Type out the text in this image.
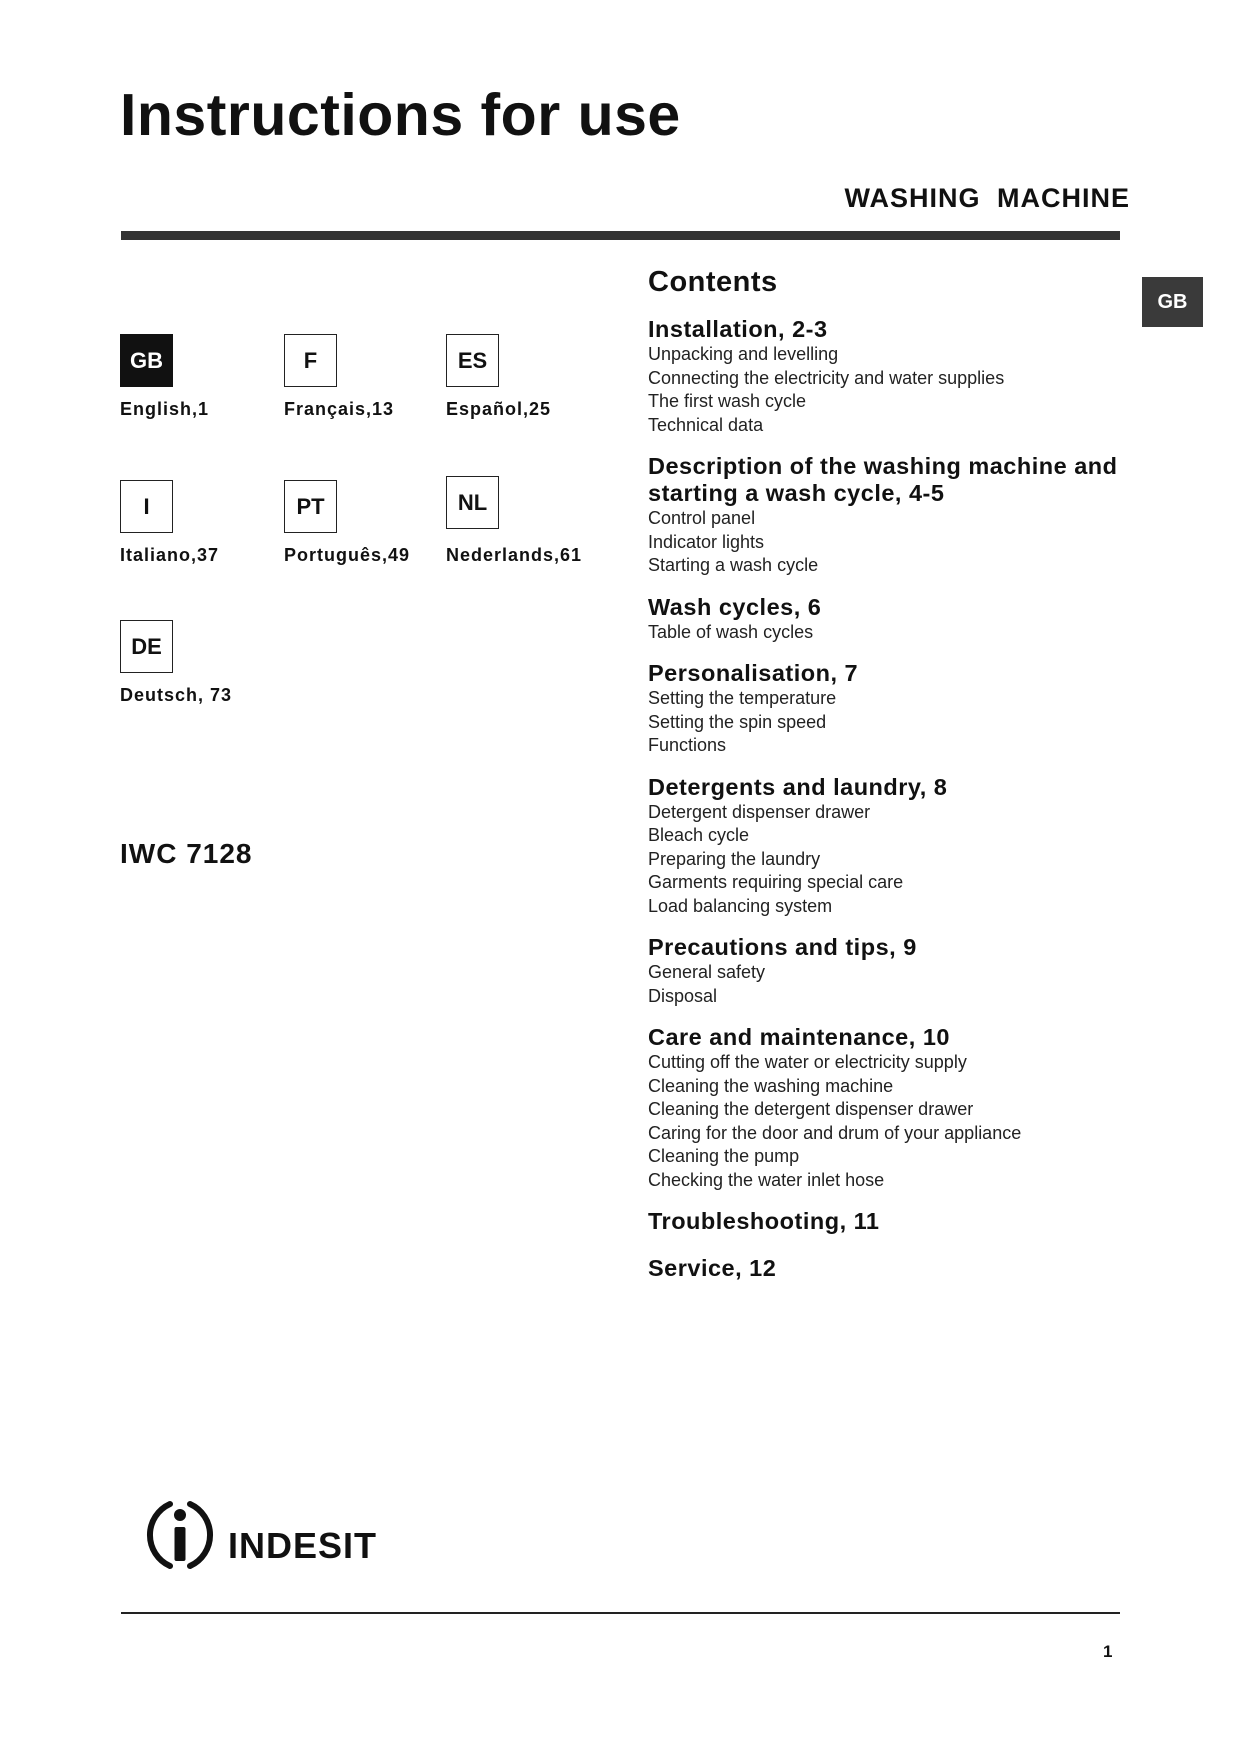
Instructions for use
WASHING MACHINE
GB
GB
English,1
F
Français,13
ES
Español,25
I
Italiano,37
PT
Português,49
NL
Nederlands,61
DE
Deutsch, 73
IWC 7128
Contents
Installation, 2-3
Unpacking and levelling
Connecting the electricity and water supplies
The first wash cycle
Technical data
Description of the washing machine and starting a wash cycle, 4-5
Control panel
Indicator lights
Starting a wash cycle
Wash cycles, 6
Table of wash cycles
Personalisation, 7
Setting the temperature
Setting the spin speed
Functions
Detergents and laundry, 8
Detergent dispenser drawer
Bleach cycle
Preparing the laundry
Garments requiring special care
Load balancing system
Precautions and tips, 9
General safety
Disposal
Care and maintenance, 10
Cutting off the water or electricity supply
Cleaning the washing machine
Cleaning the detergent dispenser drawer
Caring for the door and drum of your appliance
Cleaning the pump
Checking the water inlet hose
Troubleshooting, 11
Service, 12
indesit
1
